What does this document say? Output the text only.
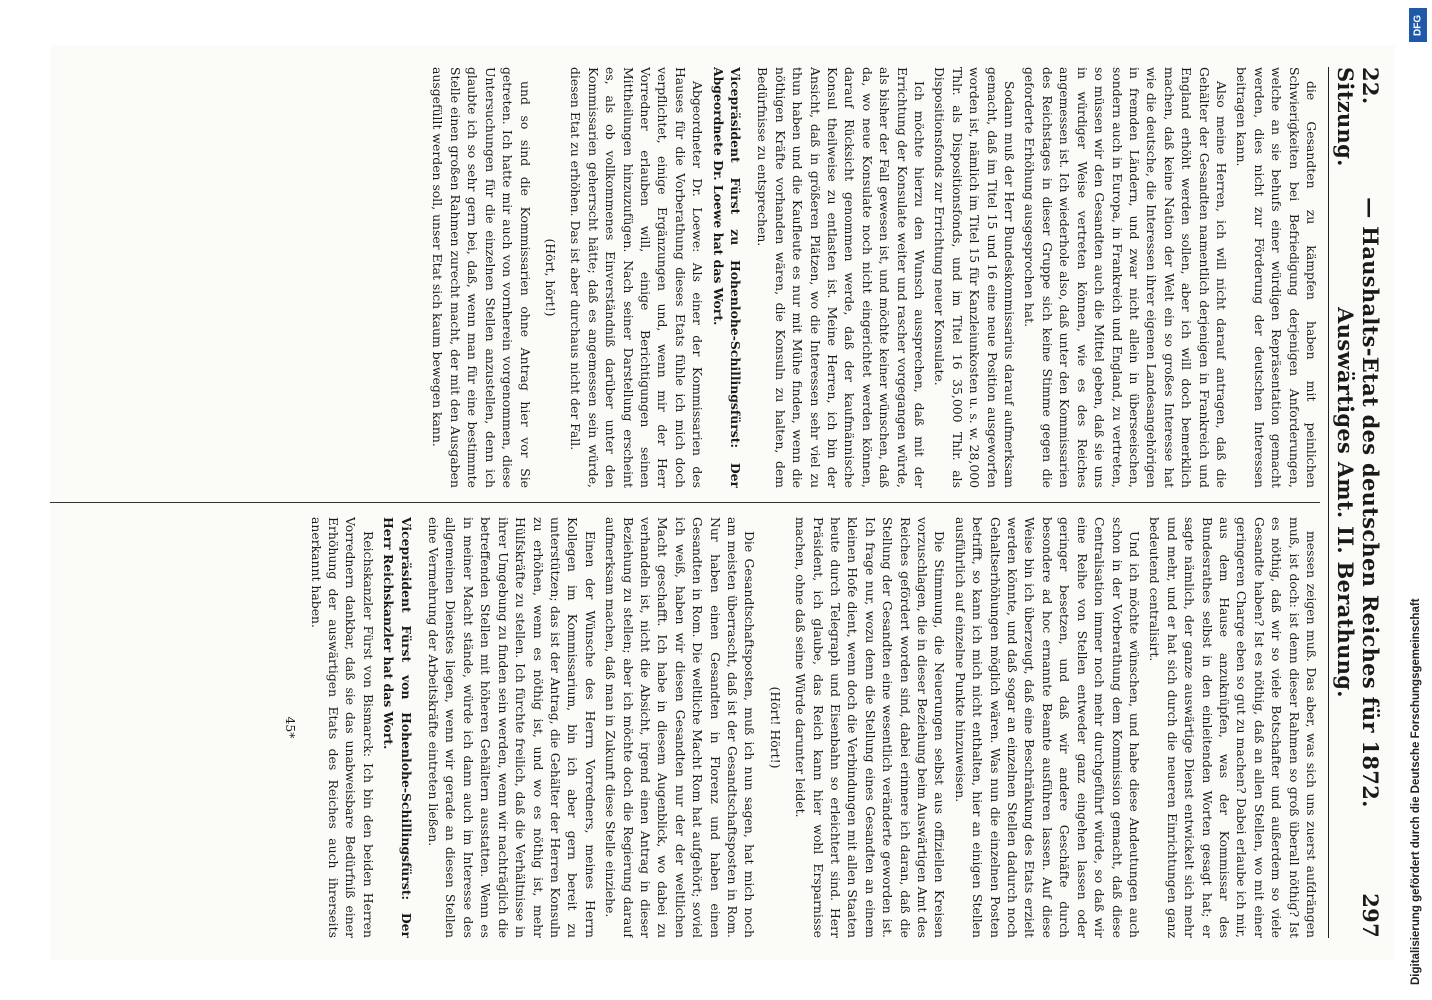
22. Sitzung.
— Haushalts-Etat des deutschen Reiches für 1872. Auswärtiges Amt. II. Berathung.
297

die Gesandten zu kämpfen haben mit peinlichen Schwierigkeiten bei Befriedigung derjenigen Anforderungen, welche an sie behufs einer würdigen Repräsentation gemacht werden, dies nicht zur Förderung der deutschen Interessen beitragen kann.

Also meine Herren, ich will nicht darauf antragen, daß die Gehälter der Gesandten namentlich derjenigen in Frankreich und England erhöht werden sollen, aber ich will doch bemerklich machen, daß keine Nation der Welt ein so großes Interesse hat wie die deutsche, die Interessen ihrer eigenen Landesangehörigen in fremden Ländern, und zwar nicht allein in überseeischen, sondern auch in Europa, in Frankreich und England, zu vertreten, so müssen wir den Gesandten auch die Mittel geben, daß sie uns in würdiger Weise vertreten können, wie es des Reiches angemessen ist. Ich wiederhole also, daß unter den Kommissarien des Reichstages in dieser Gruppe sich keine Stimme gegen die geforderte Erhöhung ausgesprochen hat.

Sodann muß der Herr Bundeskommissarius darauf aufmerksam gemacht, daß im Titel 15 und 16 eine neue Position ausgeworfen worden ist, nämlich im Titel 15 für Kanzleiunkosten u. s. w. 28,000 Thlr. als Dispositionsfonds, und im Titel 16 35,000 Thlr. als Dispositionsfonds zur Errichtung neuer Konsulate.

Ich möchte hierzu den Wunsch aussprechen, daß mit der Errichtung der Konsulate weiter und rascher vorgegangen würde, als bisher der Fall gewesen ist, und möchte keiner wünschen, daß da, wo neue Konsulate noch nicht eingerichtet werden können, darauf Rücksicht genommen werde, daß der kaufmännische Konsul theilweise zu entlasten ist. Meine Herren, ich bin der Ansicht, daß in größeren Plätzen, wo die Interessen sehr viel zu thun haben und die Kaufleute es nur mit Mühe finden, wenn die nöthigen Kräfte vorhanden wären, die Konsuln zu halten, dem Bedürfnisse zu entsprechen.

Vicepräsident Fürst zu Hohenlohe-Schillingsfürst: Der Abgeordnete Dr. Loewe hat das Wort.

Abgeordneter Dr. Loewe: Als einer der Kommissarien des Hauses für die Vorberathung dieses Etats fühle ich mich doch verpflichtet, einige Ergänzungen und, wenn mir der Herr Vorredner erlauben will, einige Berichtigungen seinen Mittheilungen hinzuzufügen. Nach seiner Darstellung erscheint es, als ob vollkommenes Einverständniß darüber unter den Kommissarien geherrscht hätte; daß es angemessen sein würde, diesen Etat zu erhöhen. Das ist aber durchaus nicht der Fall.

(Hört, hört!)

und so sind die Kommissarien ohne Antrag hier vor Sie getreten. Ich hatte mir auch von vornherein vorgenommen, diese Untersuchungen für die einzelnen Stellen anzustellen, denn ich glaubte ich so sehr gern bei, daß, wenn man für eine bestimmte Stelle einen großen Rahmen zurecht macht, der mit den Ausgaben ausgefüllt werden soll, unser Etat sich kaum bewegen kann.

messen zeigen muß. Das aber, was sich uns zuerst aufdrängen muß, ist doch: ist denn dieser Rahmen so groß überall nöthig? Ist es nöthig, daß wir so viele Botschafter und außerdem so viele Gesandte haben? Ist es nöthig, daß an allen Stellen, wo mit einer geringeren Charge eben so gut zu machen? Dabei erlaube ich mir, aus dem Hause anzuknüpfen, was der Kommissar des Bundesrathes selbst in den einleitenden Worten gesagt hat; er sagte nämlich, der ganze auswärtige Dienst entwickelt sich mehr und mehr, und er hat sich durch die neueren Einrichtungen ganz bedeutend centralisirt.

Und ich möchte wünschen, und habe diese Andeutungen auch schon in der Vorberathung dem Kommission gemacht, daß diese Centralisation immer noch mehr durchgeführt würde, so daß wir eine Reihe von Stellen entweder ganz eingehen lassen oder geringer besetzen, und daß wir andere Geschäfte durch besondere ad hoc ernannte Beamte ausführen lassen. Auf diese Weise bin ich überzeugt, daß eine Beschränkung des Etats erzielt werden könnte, und daß sogar an einzelnen Stellen dadurch noch Gehaltserhöhungen möglich wären. Was nun die einzelnen Posten betrifft, so kann ich mich nicht enthalten, hier an einigen Stellen ausführlich auf einzelne Punkte hinzuweisen.

Die Stimmung, die Neuerungen selbst aus offiziellen Kreisen vorzuschlagen, die in dieser Beziehung beim Auswärtigen Amt des Reiches gefördert worden sind, dabei erinnere ich daran, daß die Stellung der Gesandten eine wesentlich veränderte geworden ist. Ich frage nur, wozu denn die Stellung eines Gesandten an einem kleinen Hofe dient, wenn doch die Verbindungen mit allen Staaten heute durch Telegraph und Eisenbahn so erleichtert sind. Herr Präsident, ich glaube, das Reich kann hier wohl Ersparnisse machen, ohne daß seine Würde darunter leidet.

(Hört! Hört!)

Die Gesandtschaftsposten, muß ich nun sagen, hat mich noch am meisten überrascht, daß ist der Gesandtschaftsposten in Rom. Nur haben einen Gesandten in Florenz und haben einen Gesandten in Rom. Die weltliche Macht Rom hat aufgehört; soviel ich weiß, haben wir diesen Gesandten nur der der weltlichen Macht geschafft. Ich habe in diesem Augenblick, wo dabei zu verhandeln ist, nicht die Absicht, irgend einen Antrag in dieser Beziehung zu stellen; aber ich möchte doch die Regierung darauf aufmerksam machen, daß man in Zukunft diese Stelle einziehe.

Einen der Wünsche des Herrn Vorredners, meines Herrn Kollegen im Kommissarium, bin ich aber gern bereit zu unterstützen; das ist der Antrag, die Gehälter der Herren Konsuln zu erhöhen, wenn es nöthig ist, und wo es nöthig ist, mehr Hülfskräfte zu stellen. Ich fürchte freilich, daß die Verhältnisse in ihrer Umgebung zu finden sein werden, wenn wir nachträglich die betreffenden Stellen mit höheren Gehältern ausstatten. Wenn es in meiner Macht stände, würde ich dann auch im Interesse des allgemeinen Dienstes liegen, wenn wir gerade an diesen Stellen eine Vermehrung der Arbeitskräfte eintreten ließen.

Vicepräsident Fürst von Hohenlohe-Schillingsfürst: Der Herr Reichskanzler hat das Wort.

Reichskanzler Fürst von Bismarck: Ich bin den beiden Herren Vorrednern dankbar, daß sie das unabweisbare Bedürfniß einer Erhöhung der auswärtigen Etats des Reiches auch ihrerseits anerkannt haben.

45*

DFG
Digitalisierung gefördert durch die Deutsche Forschungsgemeinschaft
